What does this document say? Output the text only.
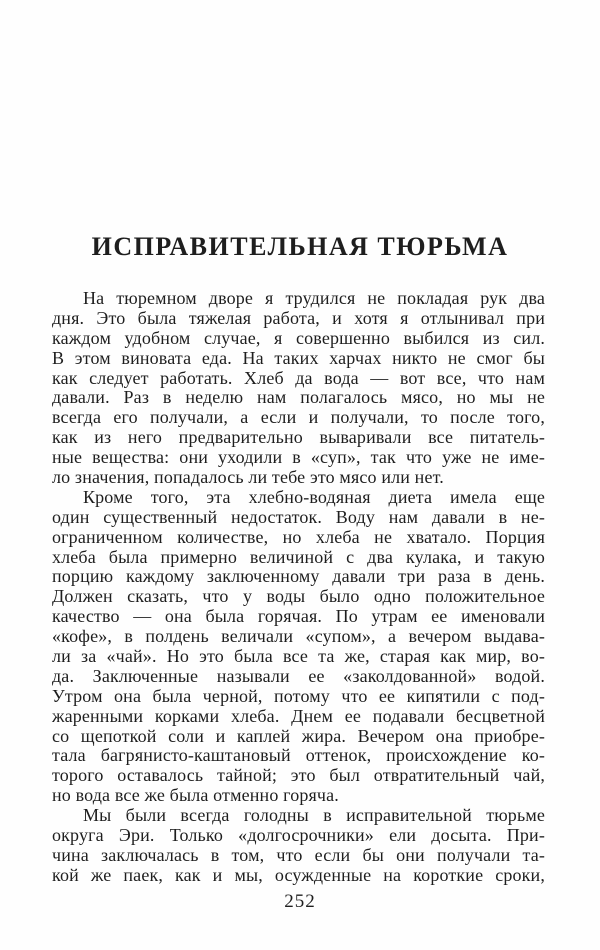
ИСПРАВИТЕЛЬНАЯ ТЮРЬМА
На тюремном дворе я трудился не покладая рук два
дня. Это была тяжелая работа, и хотя я отлынивал при
каждом удобном случае, я совершенно выбился из сил.
В этом виновата еда. На таких харчах никто не смог бы
как следует работать. Хлеб да вода — вот все, что нам
давали. Раз в неделю нам полагалось мясо, но мы не
всегда его получали, а если и получали, то после того,
как из него предварительно вываривали все питатель-
ные вещества: они уходили в «суп», так что уже не име-
ло значения, попадалось ли тебе это мясо или нет.
Кроме того, эта хлебно-водяная диета имела еще
один существенный недостаток. Воду нам давали в не-
ограниченном количестве, но хлеба не хватало. Порция
хлеба была примерно величиной с два кулака, и такую
порцию каждому заключенному давали три раза в день.
Должен сказать, что у воды было одно положительное
качество — она была горячая. По утрам ее именовали
«кофе», в полдень величали «супом», а вечером выдава-
ли за «чай». Но это была все та же, старая как мир, во-
да. Заключенные называли ее «заколдованной» водой.
Утром она была черной, потому что ее кипятили с под-
жаренными корками хлеба. Днем ее подавали бесцветной
со щепоткой соли и каплей жира. Вечером она приобре-
тала багрянисто-каштановый оттенок, происхождение ко-
торого оставалось тайной; это был отвратительный чай,
но вода все же была отменно горяча.
Мы были всегда голодны в исправительной тюрьме
округа Эри. Только «долгосрочники» ели досыта. При-
чина заключалась в том, что если бы они получали та-
кой же паек, как и мы, осужденные на короткие сроки,
252
